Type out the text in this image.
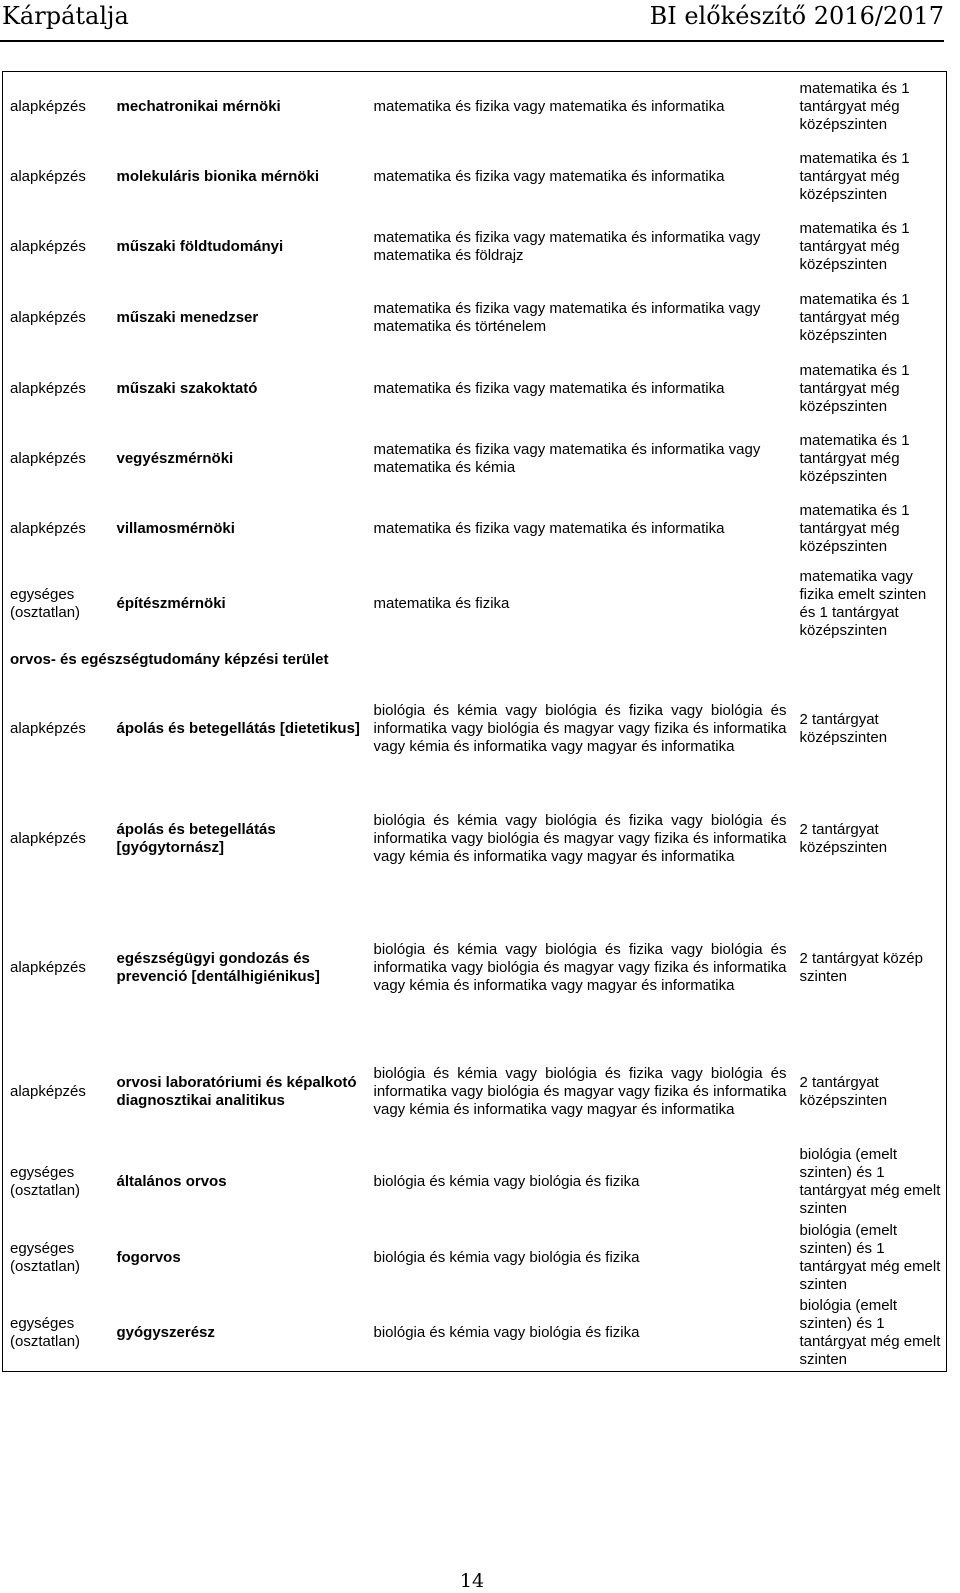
Kárpátalja	BI előkészítő 2016/2017
alapképzés	mechatronikai mérnöki	matematika és fizika vagy matematika és informatika	matematika és 1 tantárgyat még középszinten
alapképzés	molekuláris bionika mérnöki	matematika és fizika vagy matematika és informatika	matematika és 1 tantárgyat még középszinten
alapképzés	műszaki földtudományi	matematika és fizika vagy matematika és informatika vagy matematika és földrajz	matematika és 1 tantárgyat még középszinten
alapképzés	műszaki menedzser	matematika és fizika vagy matematika és informatika vagy matematika és történelem	matematika és 1 tantárgyat még középszinten
alapképzés	műszaki szakoktató	matematika és fizika vagy matematika és informatika	matematika és 1 tantárgyat még középszinten
alapképzés	vegyészmérnöki	matematika és fizika vagy matematika és informatika vagy matematika és kémia	matematika és 1 tantárgyat még középszinten
alapképzés	villamosmérnöki	matematika és fizika vagy matematika és informatika	matematika és 1 tantárgyat még középszinten
egységes (osztatlan)	építészmérnöki	matematika és fizika	matematika vagy fizika emelt szinten és 1 tantárgyat középszinten
orvos- és egészségtudomány képzési terület			
alapképzés	ápolás és betegellátás [dietetikus]	biológia és kémia vagy biológia és fizika vagy biológia és informatika vagy biológia és magyar vagy fizika és informatika vagy kémia és informatika vagy magyar és informatika	2 tantárgyat középszinten
alapképzés	ápolás és betegellátás [gyógytornász]	biológia és kémia vagy biológia és fizika vagy biológia és informatika vagy biológia és magyar vagy fizika és informatika vagy kémia és informatika vagy magyar és informatika	2 tantárgyat középszinten
alapképzés	egészségügyi gondozás és prevenció [dentálhigiénikus]	biológia és kémia vagy biológia és fizika vagy biológia és informatika vagy biológia és magyar vagy fizika és informatika vagy kémia és informatika vagy magyar és informatika	2 tantárgyat közép szinten
alapképzés	orvosi laboratóriumi és képalkotó diagnosztikai analitikus	biológia és kémia vagy biológia és fizika vagy biológia és informatika vagy biológia és magyar vagy fizika és informatika vagy kémia és informatika vagy magyar és informatika	2 tantárgyat középszinten
egységes (osztatlan)	általános orvos	biológia és kémia vagy biológia és fizika	biológia (emelt szinten) és 1 tantárgyat még emelt szinten
egységes (osztatlan)	fogorvos	biológia és kémia vagy biológia és fizika	biológia (emelt szinten) és 1 tantárgyat még emelt szinten
egységes (osztatlan)	gyógyszerész	biológia és kémia vagy biológia és fizika	biológia (emelt szinten) és 1 tantárgyat még emelt szinten
14
